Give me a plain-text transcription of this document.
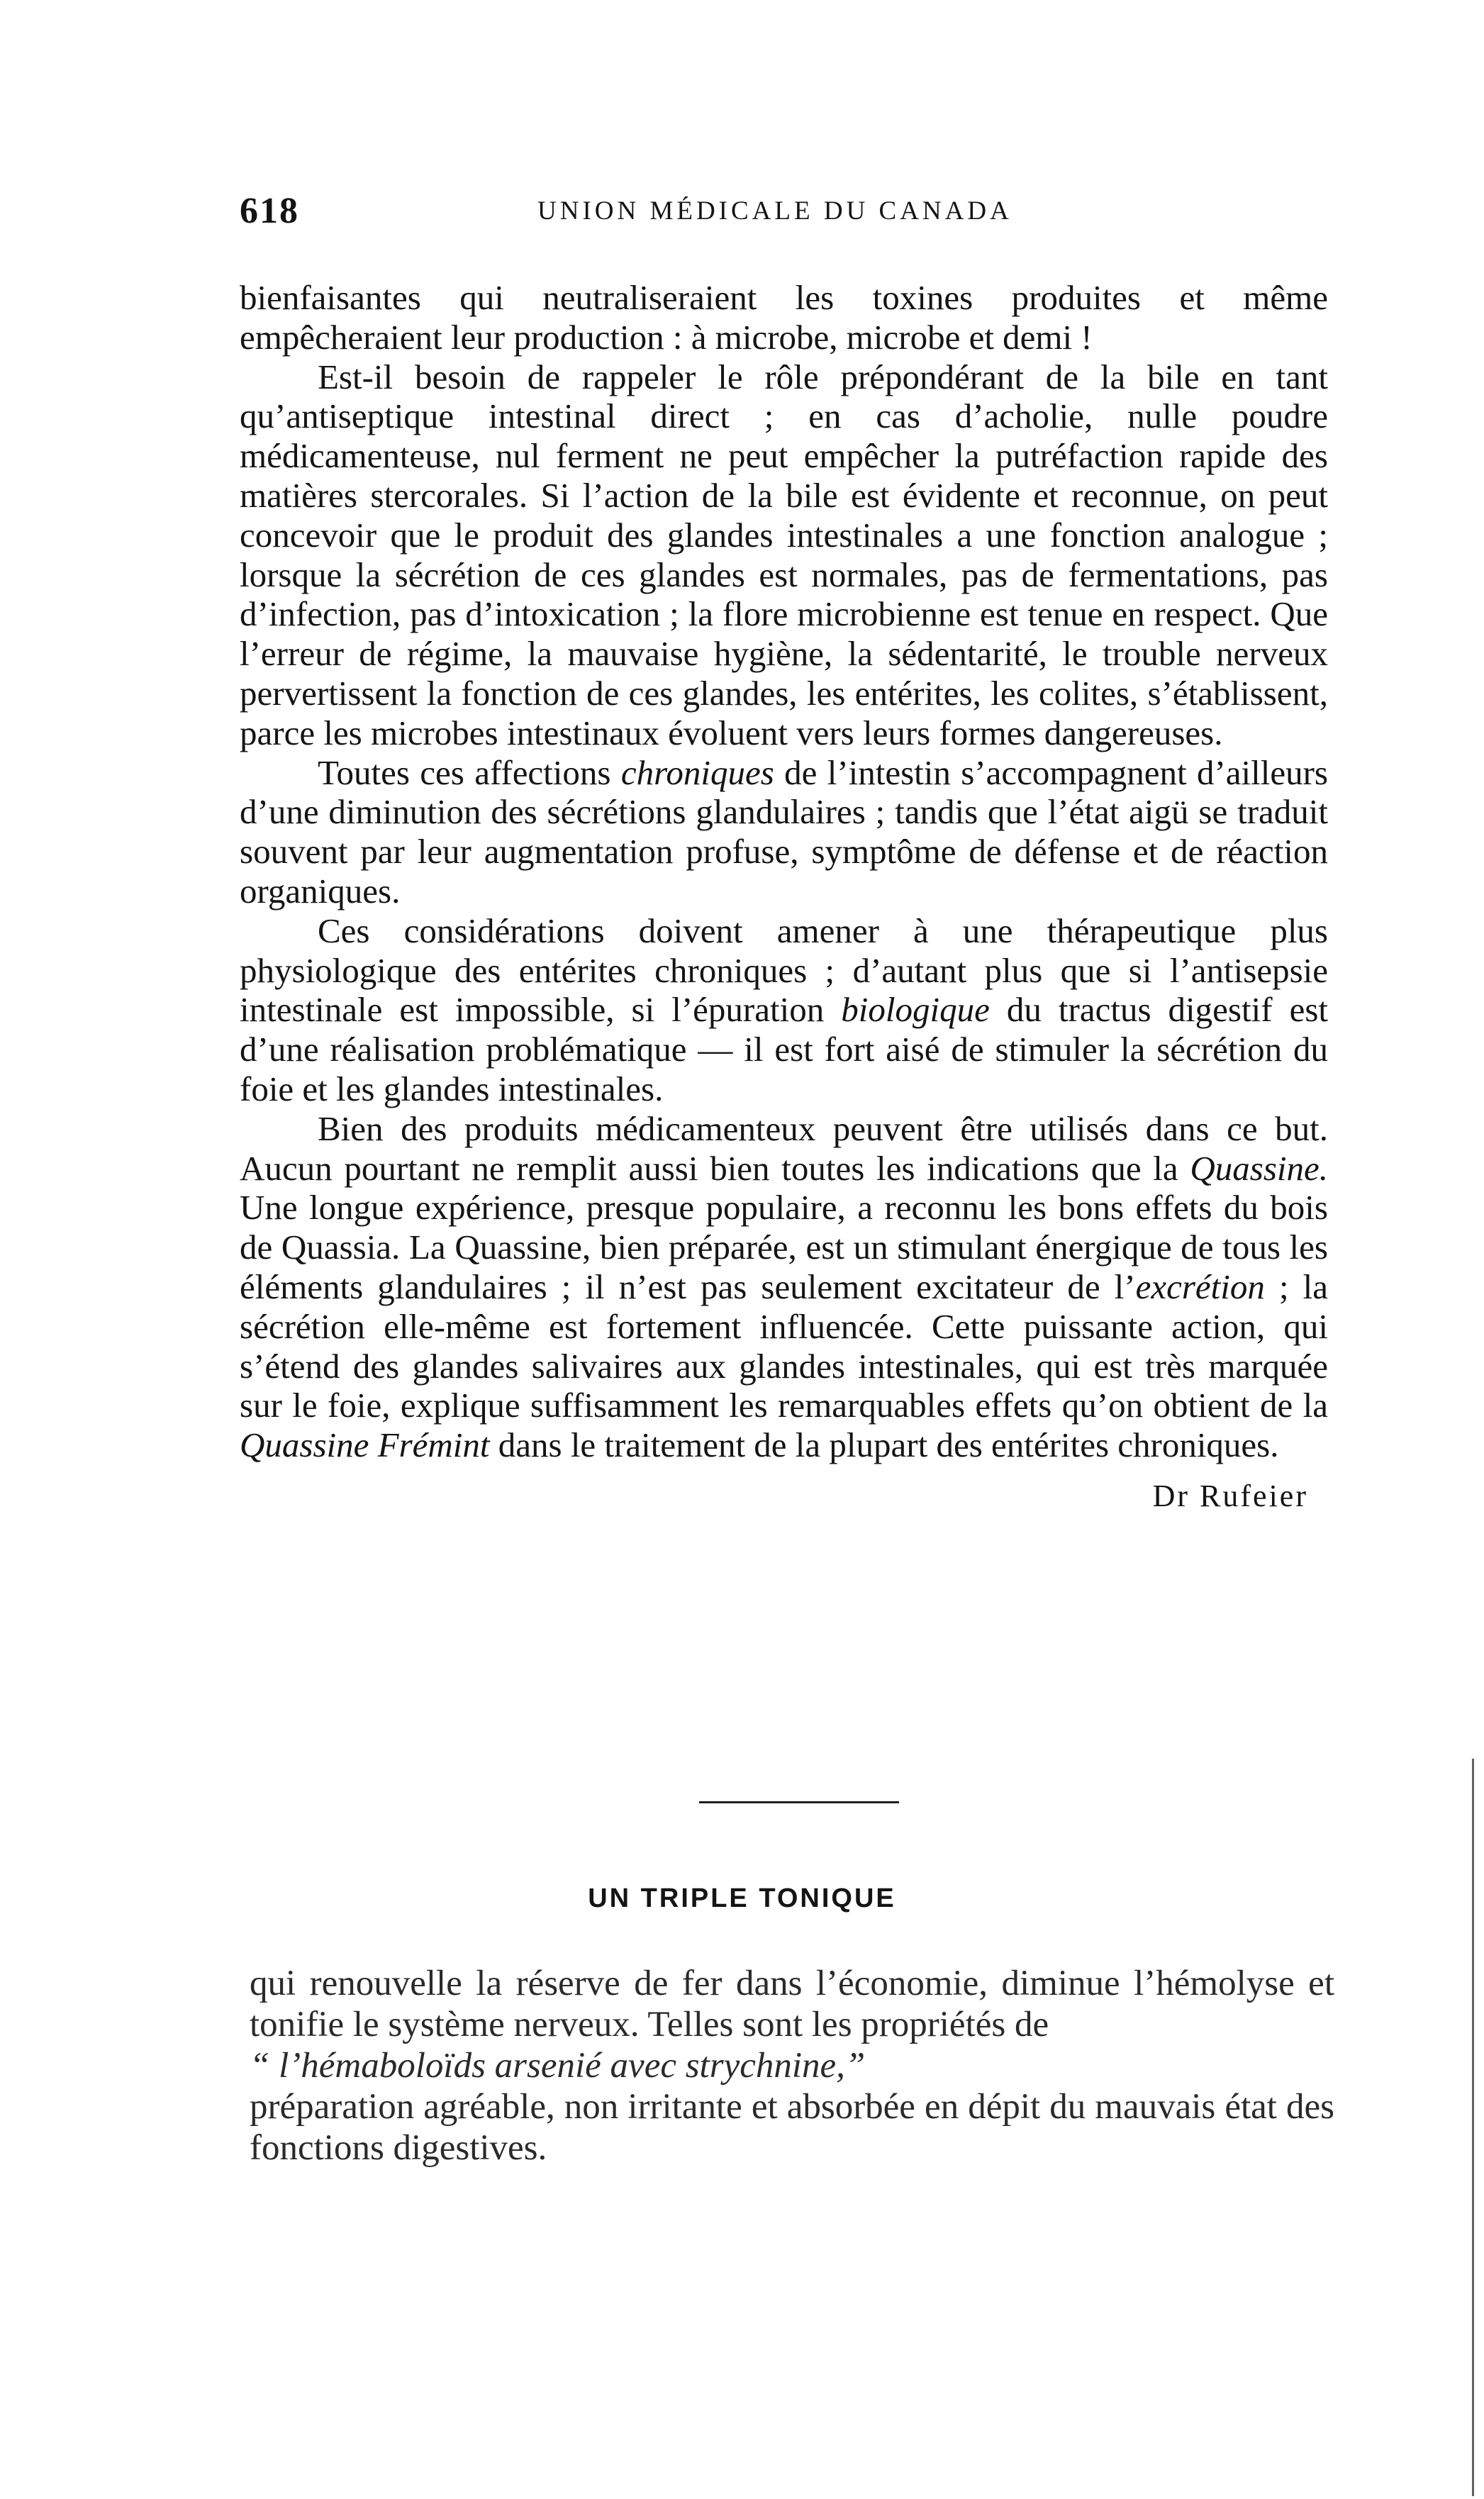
618	UNION MÉDICALE DU CANADA

bienfaisantes qui neutraliseraient les toxines produites et même empêcheraient leur production : à microbe, microbe et demi !

Est-il besoin de rappeler le rôle prépondérant de la bile en tant qu’antiseptique intestinal direct ; en cas d’acholie, nulle poudre médicamenteuse, nul ferment ne peut empêcher la putréfaction rapide des matières stercorales. Si l’action de la bile est évidente et reconnue, on peut concevoir que le produit des glandes intestinales a une fonction analogue ; lorsque la sécrétion de ces glandes est normales, pas de fermentations, pas d’infection, pas d’intoxication ; la flore microbienne est tenue en respect. Que l’erreur de régime, la mauvaise hygiène, la sédentarité, le trouble nerveux pervertissent la fonction de ces glandes, les entérites, les colites, s’établissent, parce les microbes intestinaux évoluent vers leurs formes dangereuses.

Toutes ces affections chroniques de l’intestin s’accompagnent d’ailleurs d’une diminution des sécrétions glandulaires ; tandis que l’état aigü se traduit souvent par leur augmentation profuse, symptôme de défense et de réaction organiques.

Ces considérations doivent amener à une thérapeutique plus physiologique des entérites chroniques ; d’autant plus que si l’antisepsie intestinale est impossible, si l’épuration biologique du tractus digestif est d’une réalisation problématique — il est fort aisé de stimuler la sécrétion du foie et les glandes intestinales.

Bien des produits médicamenteux peuvent être utilisés dans ce but. Aucun pourtant ne remplit aussi bien toutes les indications que la Quassine. Une longue expérience, presque populaire, a reconnu les bons effets du bois de Quassia. La Quassine, bien préparée, est un stimulant énergique de tous les éléments glandulaires ; il n’est pas seulement excitateur de l’excrétion ; la sécrétion elle-même est fortement influencée. Cette puissante action, qui s’étend des glandes salivaires aux glandes intestinales, qui est très marquée sur le foie, explique suffisamment les remarquables effets qu’on obtient de la Quassine Frémint dans le traitement de la plupart des entérites chroniques.

Dr Rufeier
UN TRIPLE TONIQUE

qui renouvelle la réserve de fer dans l’économie, diminue l’hémolyse et tonifie le système nerveux. Telles sont les propriétés de

“ l’hémaboloïds arsenié avec strychnine,”

préparation agréable, non irritante et absorbée en dépit du mauvais état des fonctions digestives.
